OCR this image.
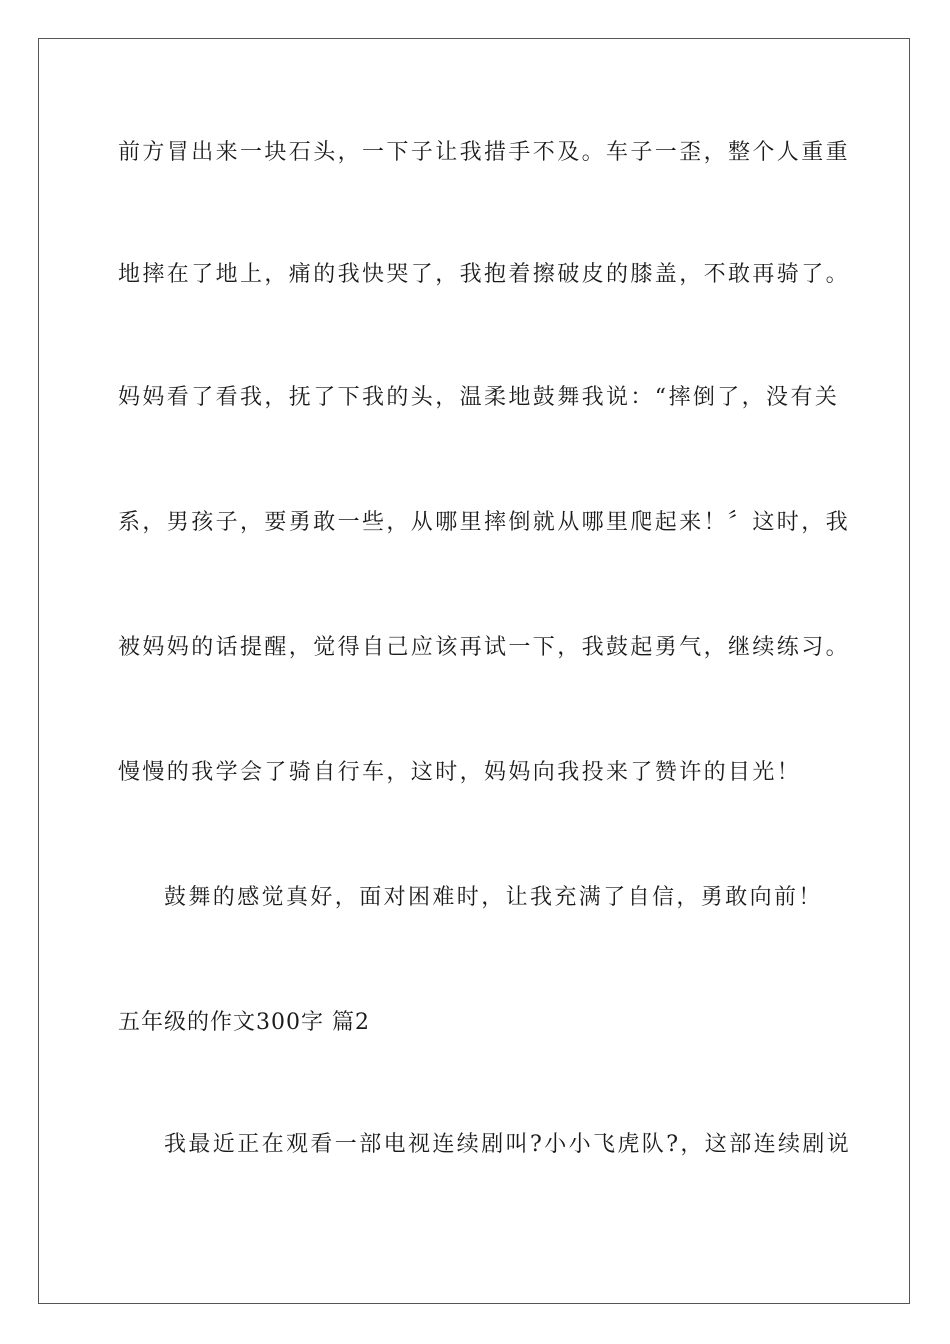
前方冒出来一块石头，一下子让我措手不及。车子一歪，整个人重重
地摔在了地上，痛的我快哭了，我抱着擦破皮的膝盖，不敢再骑了。
妈妈看了看我，抚了下我的头，温柔地鼓舞我说：“摔倒了，没有关
系，男孩子，要勇敢一些，从哪里摔倒就从哪里爬起来！〞这时，我
被妈妈的话提醒，觉得自己应该再试一下，我鼓起勇气，继续练习。
慢慢的我学会了骑自行车，这时，妈妈向我投来了赞许的目光！
鼓舞的感觉真好，面对困难时，让我充满了自信，勇敢向前！
五年级的作文300字 篇2
我最近正在观看一部电视连续剧叫?小小飞虎队?，这部连续剧说
